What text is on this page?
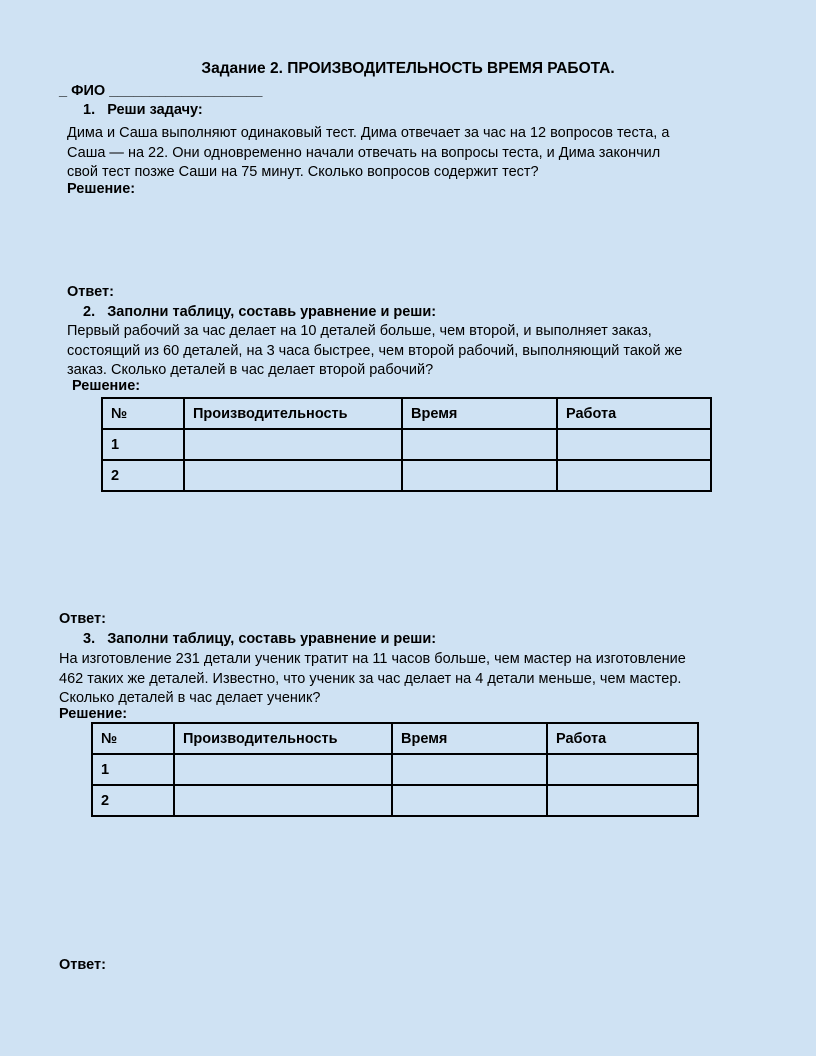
Задание 2. ПРОИЗВОДИТЕЛЬНОСТЬ ВРЕМЯ РАБОТА.
_ ФИО ___________________
1. Реши задачу:
Дима и Саша выполняют одинаковый тест. Дима отвечает за час на 12 вопросов теста, а
Саша — на 22. Они одновременно начали отвечать на вопросы теста, и Дима закончил
свой тест позже Саши на 75 минут. Сколько вопросов содержит тест?
Решение:
Ответ:
2. Заполни таблицу, составь уравнение и реши:
Первый рабочий за час делает на 10 деталей больше, чем второй, и выполняет заказ,
состоящий из 60 деталей, на 3 часа быстрее, чем второй рабочий, выполняющий такой же
заказ. Сколько деталей в час делает второй рабочий?
Решение:
№	Производительность	Время	Работа
1			
2			
Ответ:
3. Заполни таблицу, составь уравнение и реши:
На изготовление 231 детали ученик тратит на 11 часов больше, чем мастер на изготовление
462 таких же деталей. Известно, что ученик за час делает на 4 детали меньше, чем мастер.
Сколько деталей в час делает ученик?
Решение:
№	Производительность	Время	Работа
1			
2			
Ответ:
